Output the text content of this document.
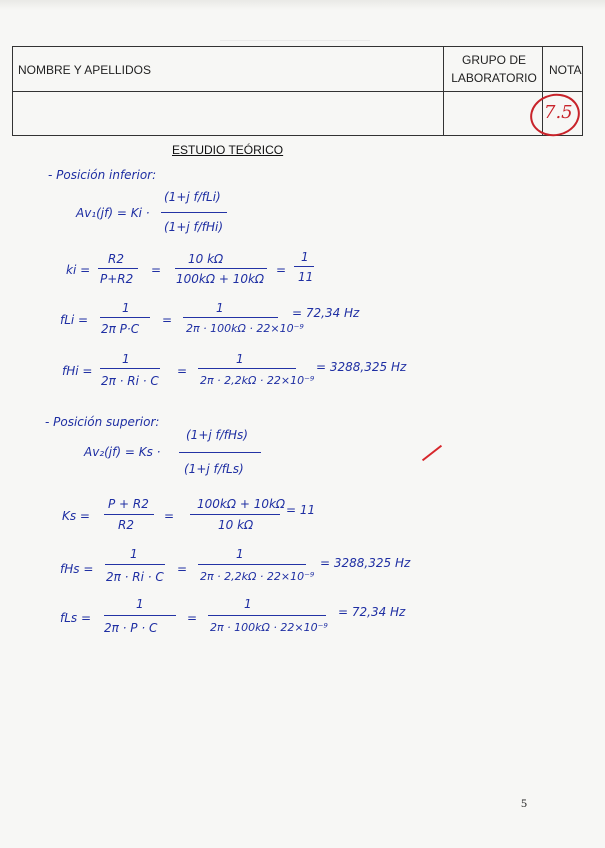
NOMBRE Y APELLIDOS
GRUPO DE LABORATORIO
NOTA
7.5
ESTUDIO TEÓRICO
- Posición inferior:
Av₁(jf) = Ki ·
(1+j f/fLi)
(1+j f/fHi)
ki =
R2
P+R2
=
10 kΩ
100kΩ + 10kΩ
=
1
11
fLi =
1
2π P·C
=
1
2π · 100kΩ · 22×10⁻⁹
= 72,34 Hz
fHi =
1
2π · Ri · C
=
1
2π · 2,2kΩ · 22×10⁻⁹
= 3288,325 Hz
- Posición superior:
Av₂(jf) = Ks ·
(1+j f/fHs)
(1+j f/fLs)
Ks =
P + R2
R2
=
100kΩ + 10kΩ
10 kΩ
= 11
fHs =
1
2π · Ri · C
=
1
2π · 2,2kΩ · 22×10⁻⁹
= 3288,325 Hz
fLs =
1
2π · P · C
=
1
2π · 100kΩ · 22×10⁻⁹
= 72,34 Hz
5
